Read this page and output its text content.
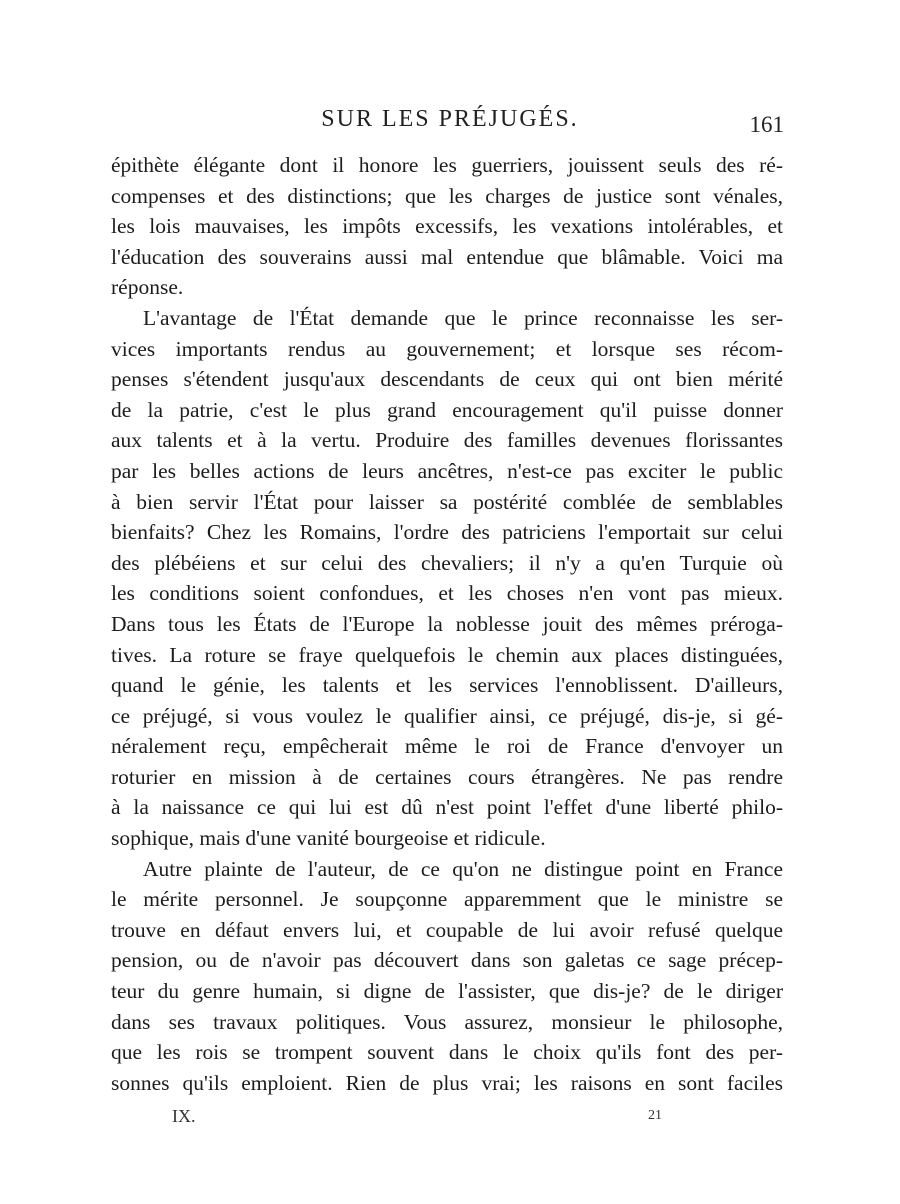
SUR LES PRÉJUGÉS.	161
épithète élégante dont il honore les guerriers, jouissent seuls des ré-
compenses et des distinctions; que les charges de justice sont vénales,
les lois mauvaises, les impôts excessifs, les vexations intolérables, et
l'éducation des souverains aussi mal entendue que blâmable. Voici ma
réponse.
L'avantage de l'État demande que le prince reconnaisse les ser-
vices importants rendus au gouvernement; et lorsque ses récom-
penses s'étendent jusqu'aux descendants de ceux qui ont bien mérité
de la patrie, c'est le plus grand encouragement qu'il puisse donner
aux talents et à la vertu. Produire des familles devenues florissantes
par les belles actions de leurs ancêtres, n'est-ce pas exciter le public
à bien servir l'État pour laisser sa postérité comblée de semblables
bienfaits? Chez les Romains, l'ordre des patriciens l'emportait sur celui
des plébéiens et sur celui des chevaliers; il n'y a qu'en Turquie où
les conditions soient confondues, et les choses n'en vont pas mieux.
Dans tous les États de l'Europe la noblesse jouit des mêmes préroga-
tives. La roture se fraye quelquefois le chemin aux places distinguées,
quand le génie, les talents et les services l'ennoblissent. D'ailleurs,
ce préjugé, si vous voulez le qualifier ainsi, ce préjugé, dis-je, si gé-
néralement reçu, empêcherait même le roi de France d'envoyer un
roturier en mission à de certaines cours étrangères. Ne pas rendre
à la naissance ce qui lui est dû n'est point l'effet d'une liberté philo-
sophique, mais d'une vanité bourgeoise et ridicule.
Autre plainte de l'auteur, de ce qu'on ne distingue point en France
le mérite personnel. Je soupçonne apparemment que le ministre se
trouve en défaut envers lui, et coupable de lui avoir refusé quelque
pension, ou de n'avoir pas découvert dans son galetas ce sage précep-
teur du genre humain, si digne de l'assister, que dis-je? de le diriger
dans ses travaux politiques. Vous assurez, monsieur le philosophe,
que les rois se trompent souvent dans le choix qu'ils font des per-
sonnes qu'ils emploient. Rien de plus vrai; les raisons en sont faciles
IX.	21
